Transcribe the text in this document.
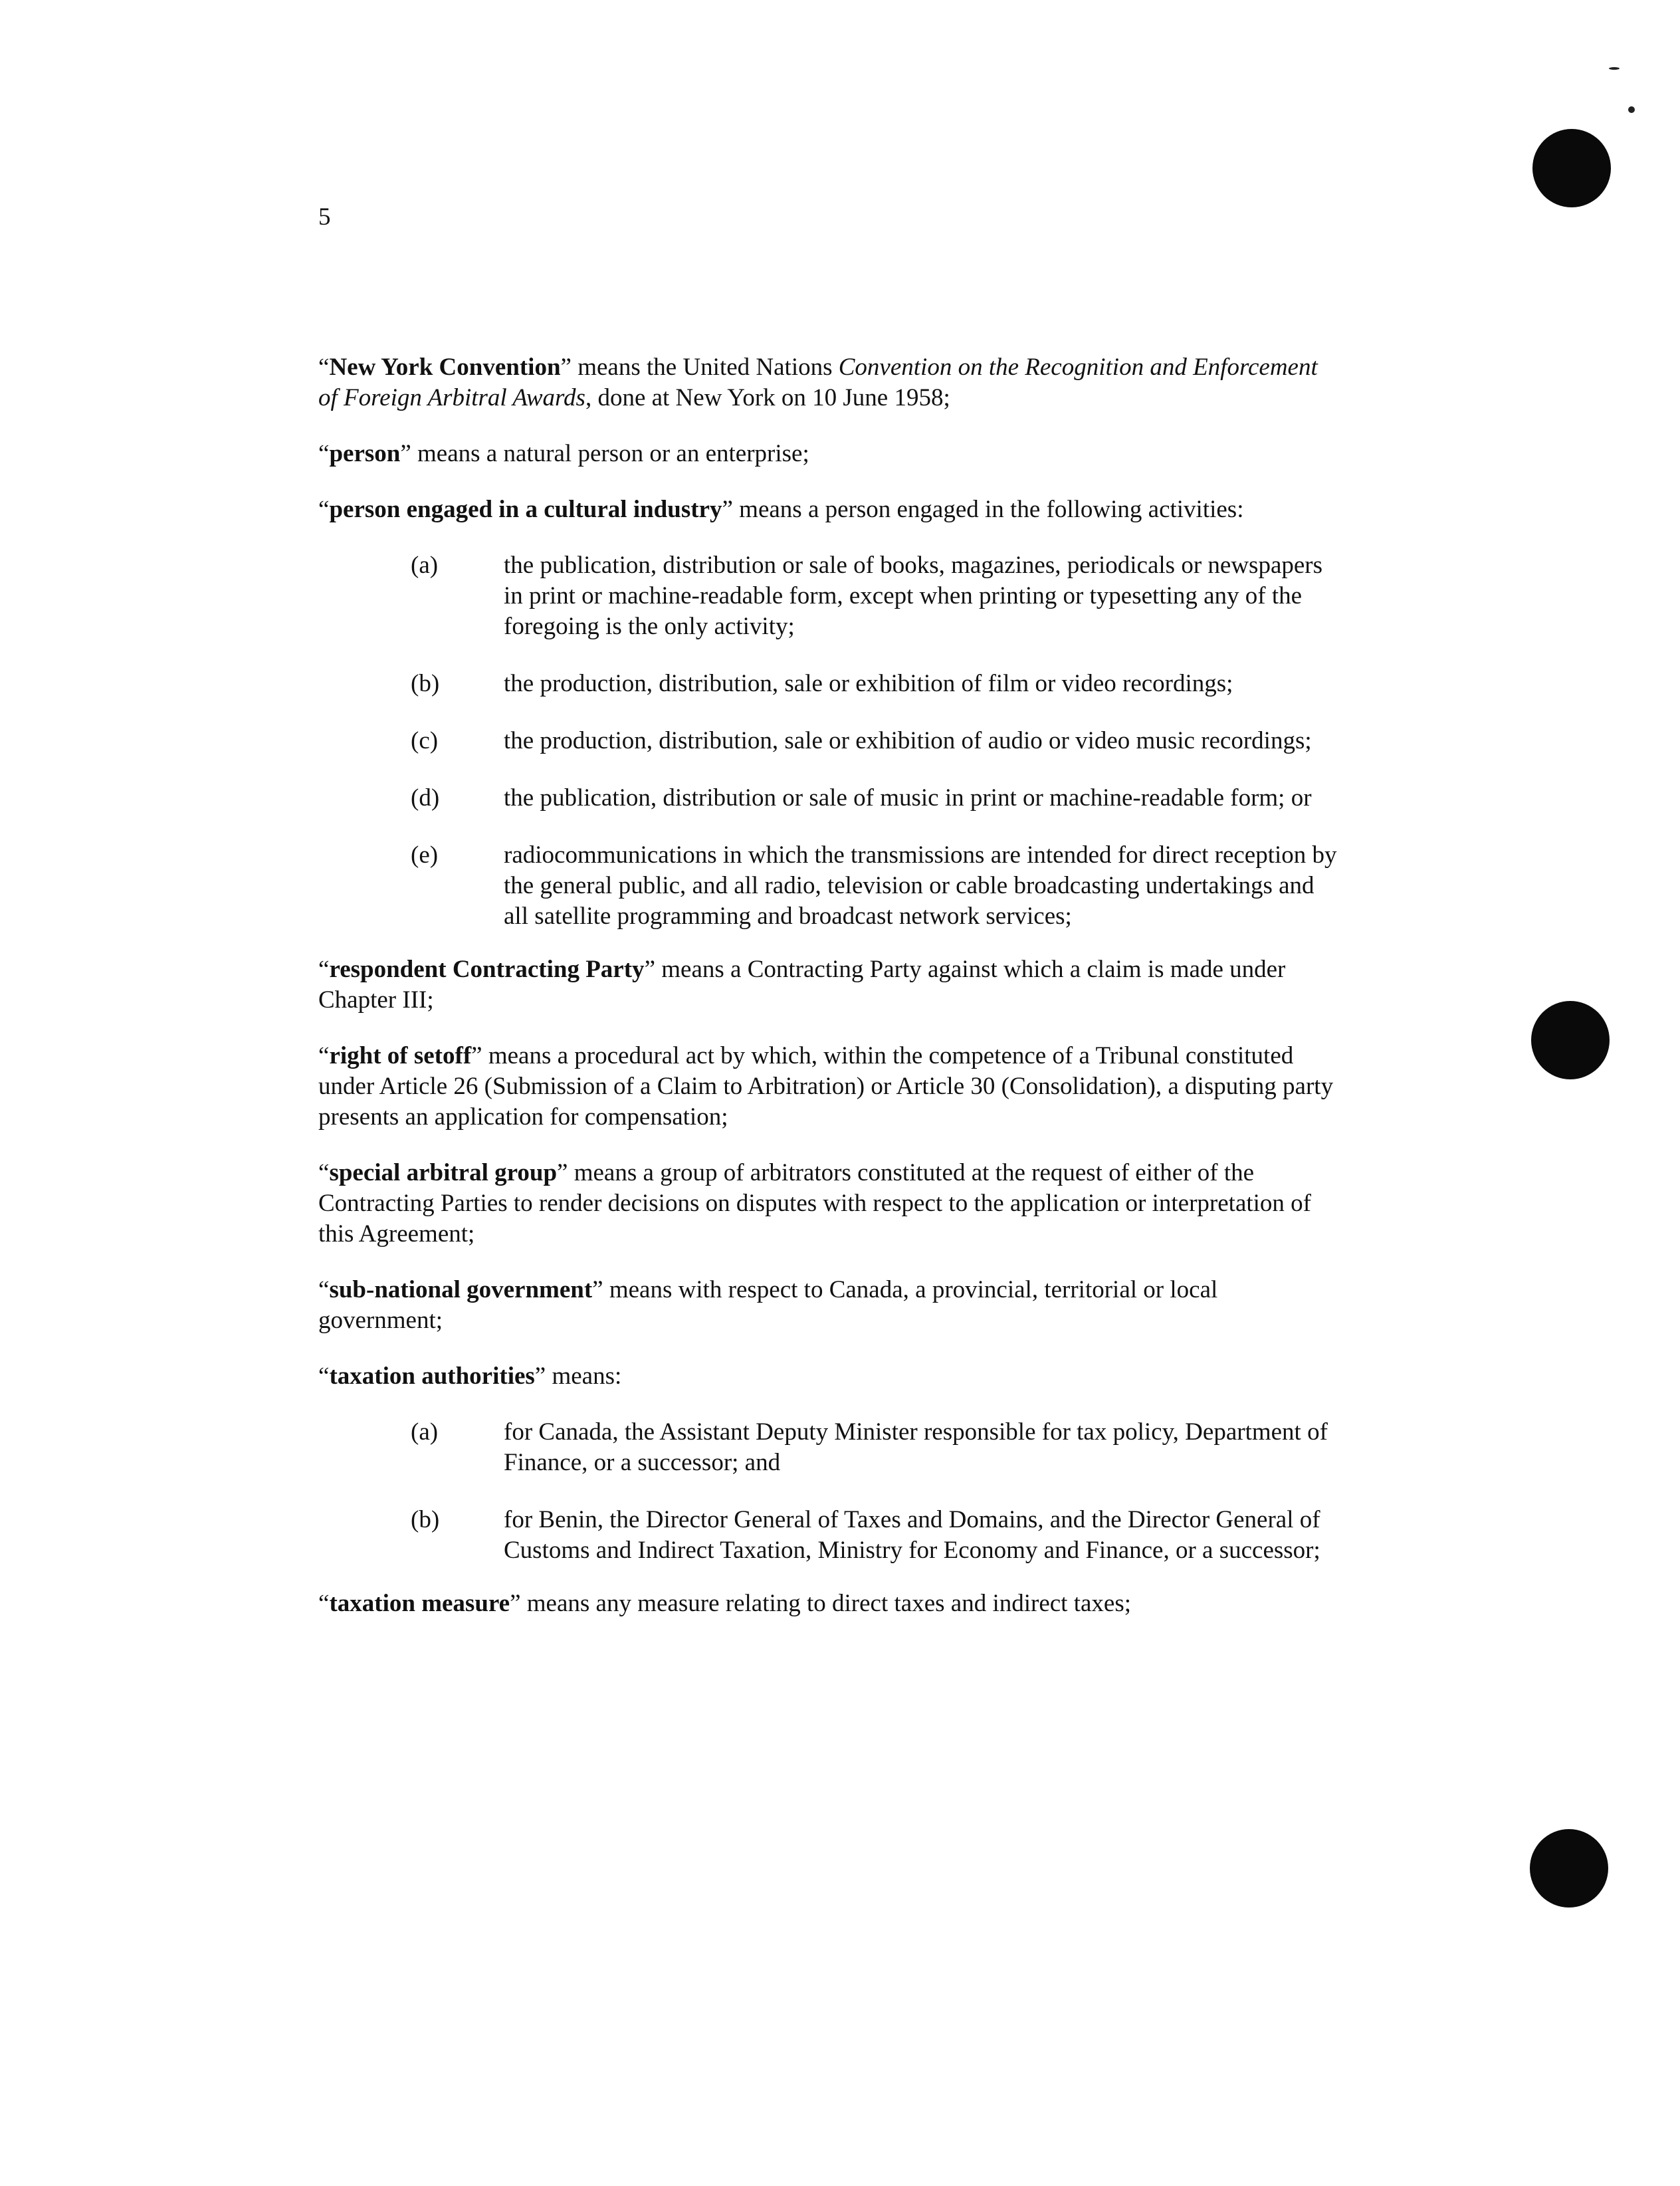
5

“New York Convention” means the United Nations Convention on the Recognition and Enforcement of Foreign Arbitral Awards, done at New York on 10 June 1958;

“person” means a natural person or an enterprise;

“person engaged in a cultural industry” means a person engaged in the following activities:

(a)	the publication, distribution or sale of books, magazines, periodicals or newspapers in print or machine-readable form, except when printing or typesetting any of the foregoing is the only activity;
(b)	the production, distribution, sale or exhibition of film or video recordings;
(c)	the production, distribution, sale or exhibition of audio or video music recordings;
(d)	the publication, distribution or sale of music in print or machine-readable form; or
(e)	radiocommunications in which the transmissions are intended for direct reception by the general public, and all radio, television or cable broadcasting undertakings and all satellite programming and broadcast network services;

“respondent Contracting Party” means a Contracting Party against which a claim is made under Chapter III;

“right of setoff” means a procedural act by which, within the competence of a Tribunal constituted under Article 26 (Submission of a Claim to Arbitration) or Article 30 (Consolidation), a disputing party presents an application for compensation;

“special arbitral group” means a group of arbitrators constituted at the request of either of the Contracting Parties to render decisions on disputes with respect to the application or interpretation of this Agreement;

“sub-national government” means with respect to Canada, a provincial, territorial or local government;

“taxation authorities” means:

(a)	for Canada, the Assistant Deputy Minister responsible for tax policy, Department of Finance, or a successor; and
(b)	for Benin, the Director General of Taxes and Domains, and the Director General of Customs and Indirect Taxation, Ministry for Economy and Finance, or a successor;

“taxation measure” means any measure relating to direct taxes and indirect taxes;
